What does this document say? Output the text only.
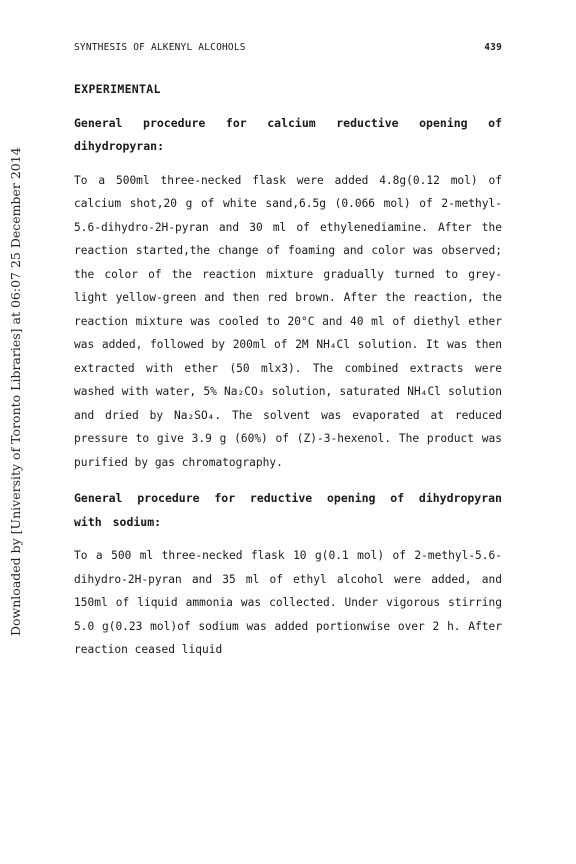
SYNTHESIS OF ALKENYL ALCOHOLS	439
Downloaded by [University of Toronto Libraries] at 06:07 25 December 2014

EXPERIMENTAL

General procedure for calcium reductive opening of dihydropyran:

To a 500ml three-necked flask were added 4.8g(0.12 mol) of calcium shot,20 g of white sand,6.5g (0.066 mol) of 2-methyl-5.6-dihydro-2H-pyran and 30 ml of ethylenediamine. After the reaction started,the change of foaming and color was observed; the color of the reaction mixture gradually turned to grey-light yellow-green and then red brown. After the reaction, the reaction mixture was cooled to 20°C and 40 ml of diethyl ether was added, followed by 200ml of 2M NH₄Cl solution. It was then extracted with ether (50 mlx3). The combined extracts were washed with water, 5% Na₂CO₃ solution, saturated NH₄Cl solution and dried by Na₂SO₄. The solvent was evaporated at reduced pressure to give 3.9 g (60%) of (Z)-3-hexenol. The product was purified by gas chromatography.

General procedure for reductive opening of dihydropyran with sodium:

To a 500 ml three-necked flask 10 g(0.1 mol) of 2-methyl-5.6-dihydro-2H-pyran and 35 ml of ethyl alcohol were added, and 150ml of liquid ammonia was collected. Under vigorous stirring 5.0 g(0.23 mol)of sodium was added portionwise over 2 h. After reaction ceased liquid
